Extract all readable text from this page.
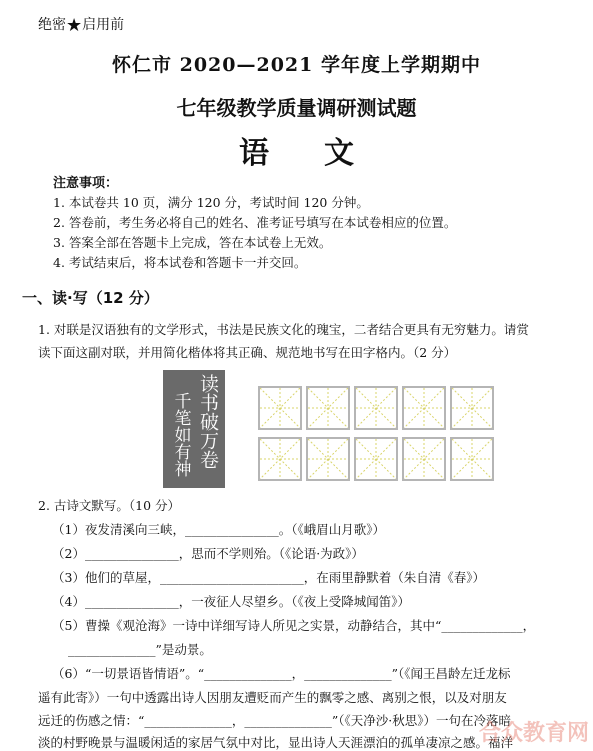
绝密★启用前
怀仁市 2020—2021 学年度上学期期中
七年级教学质量调研测试题
语文
注意事项：
1. 本试卷共 10 页，满分 120 分，考试时间 120 分钟。
2. 答卷前，考生务必将自己的姓名、准考证号填写在本试卷相应的位置。
3. 答案全部在答题卡上完成，答在本试卷上无效。
4. 考试结束后，将本试卷和答题卡一并交回。
一、读·写（12 分）
1. 对联是汉语独有的文学形式，书法是民族文化的瑰宝，二者结合更具有无穷魅力。请赏
读下面这副对联，并用简化楷体将其正确、规范地书写在田字格内。（2 分）
千笔如有神 读书破万卷
2. 古诗文默写。（10 分）
（1）夜发清溪向三峡，_______________。（《峨眉山月歌》）
（2）_______________，思而不学则殆。（《论语·为政》）
（3）他们的草屋，_______________________，在雨里静默着（朱自清《春》）
（4）_______________，一夜征人尽望乡。（《夜上受降城闻笛》）
（5）曹操《观沧海》一诗中详细写诗人所见之实景，动静结合，其中“_____________，
______________”是动景。
（6）“一切景语皆情语”。“______________，______________”（《闻王昌龄左迁龙标
遥有此寄》）一句中透露出诗人因朋友遭贬而产生的飘零之感、离别之恨，以及对朋友
远迁的伤感之情：“______________，______________”（《天净沙·秋思》）一句在冷落暗
淡的村野晚景与温暖闲适的家居气氛中对比，显出诗人天涯漂泊的孤单凄凉之感。福洋
合众教育网
